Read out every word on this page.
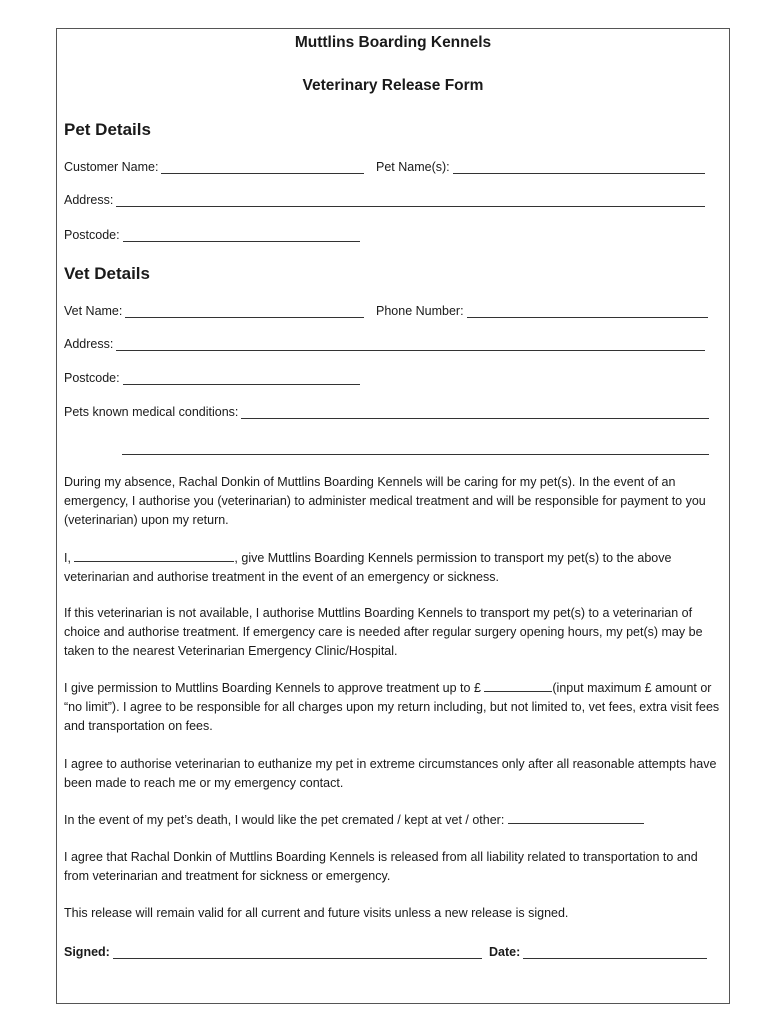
Muttlins Boarding Kennels
Veterinary Release Form
Pet Details
Customer Name:	Pet Name(s):
Address:
Postcode:
Vet Details
Vet Name:	Phone Number:
Address:
Postcode:
Pets known medical conditions:
During my absence, Rachal Donkin of Muttlins Boarding Kennels will be caring for my pet(s). In the event of an emergency, I authorise you (veterinarian) to administer medical treatment and will be responsible for payment to you (veterinarian) upon my return.
I,	, give Muttlins Boarding Kennels permission to transport my pet(s) to the above veterinarian and authorise treatment in the event of an emergency or sickness.
If this veterinarian is not available, I authorise Muttlins Boarding Kennels to transport my pet(s) to a veterinarian of choice and authorise treatment. If emergency care is needed after regular surgery opening hours, my pet(s) may be taken to the nearest Veterinarian Emergency Clinic/Hospital.
I give permission to Muttlins Boarding Kennels to approve treatment up to £	(input maximum £ amount or “no limit”). I agree to be responsible for all charges upon my return including, but not limited to, vet fees, extra visit fees and transportation on fees.
I agree to authorise veterinarian to euthanize my pet in extreme circumstances only after all reasonable attempts have been made to reach me or my emergency contact.
In the event of my pet’s death, I would like the pet cremated / kept at vet / other:
I agree that Rachal Donkin of Muttlins Boarding Kennels is released from all liability related to transportation to and from veterinarian and treatment for sickness or emergency.
This release will remain valid for all current and future visits unless a new release is signed.
Signed:	Date:
